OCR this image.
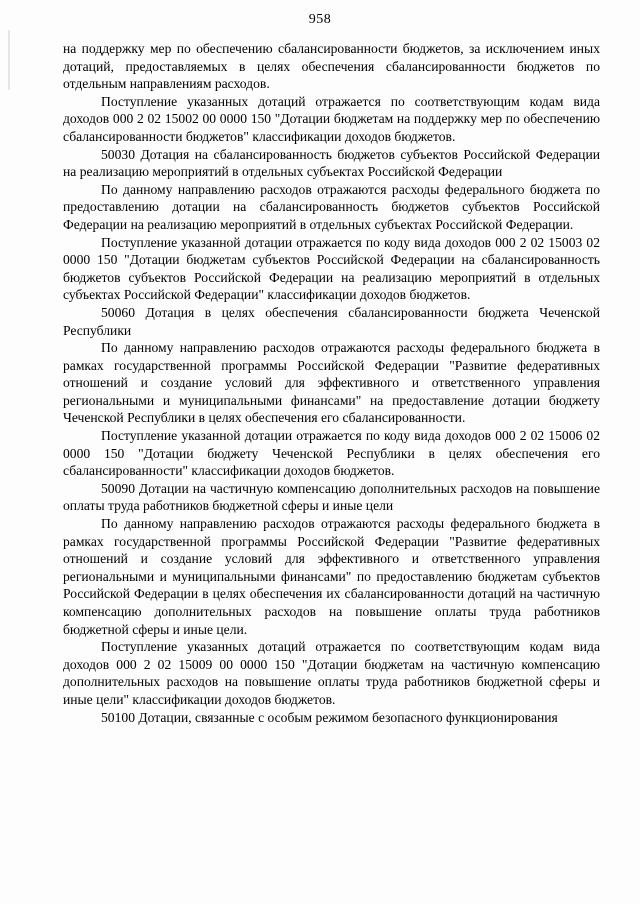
958

на поддержку мер по обеспечению сбалансированности бюджетов, за исключением иных дотаций, предоставляемых в целях обеспечения сбалансированности бюджетов по отдельным направлениям расходов.

Поступление указанных дотаций отражается по соответствующим кодам вида доходов 000 2 02 15002 00 0000 150 "Дотации бюджетам на поддержку мер по обеспечению сбалансированности бюджетов" классификации доходов бюджетов.

50030 Дотация на сбалансированность бюджетов субъектов Российской Федерации на реализацию мероприятий в отдельных субъектах Российской Федерации

По данному направлению расходов отражаются расходы федерального бюджета по предоставлению дотации на сбалансированность бюджетов субъектов Российской Федерации на реализацию мероприятий в отдельных субъектах Российской Федерации.

Поступление указанной дотации отражается по коду вида доходов 000 2 02 15003 02 0000 150 "Дотации бюджетам субъектов Российской Федерации на сбалансированность бюджетов субъектов Российской Федерации на реализацию мероприятий в отдельных субъектах Российской Федерации" классификации доходов бюджетов.

50060 Дотация в целях обеспечения сбалансированности бюджета Чеченской Республики

По данному направлению расходов отражаются расходы федерального бюджета в рамках государственной программы Российской Федерации "Развитие федеративных отношений и создание условий для эффективного и ответственного управления региональными и муниципальными финансами" на предоставление дотации бюджету Чеченской Республики в целях обеспечения его сбалансированности.

Поступление указанной дотации отражается по коду вида доходов 000 2 02 15006 02 0000 150 "Дотации бюджету Чеченской Республики в целях обеспечения его сбалансированности" классификации доходов бюджетов.

50090 Дотации на частичную компенсацию дополнительных расходов на повышение оплаты труда работников бюджетной сферы и иные цели

По данному направлению расходов отражаются расходы федерального бюджета в рамках государственной программы Российской Федерации "Развитие федеративных отношений и создание условий для эффективного и ответственного управления региональными и муниципальными финансами" по предоставлению бюджетам субъектов Российской Федерации в целях обеспечения их сбалансированности дотаций на частичную компенсацию дополнительных расходов на повышение оплаты труда работников бюджетной сферы и иные цели.

Поступление указанных дотаций отражается по соответствующим кодам вида доходов 000 2 02 15009 00 0000 150 "Дотации бюджетам на частичную компенсацию дополнительных расходов на повышение оплаты труда работников бюджетной сферы и иные цели" классификации доходов бюджетов.

50100 Дотации, связанные с особым режимом безопасного функционирования
